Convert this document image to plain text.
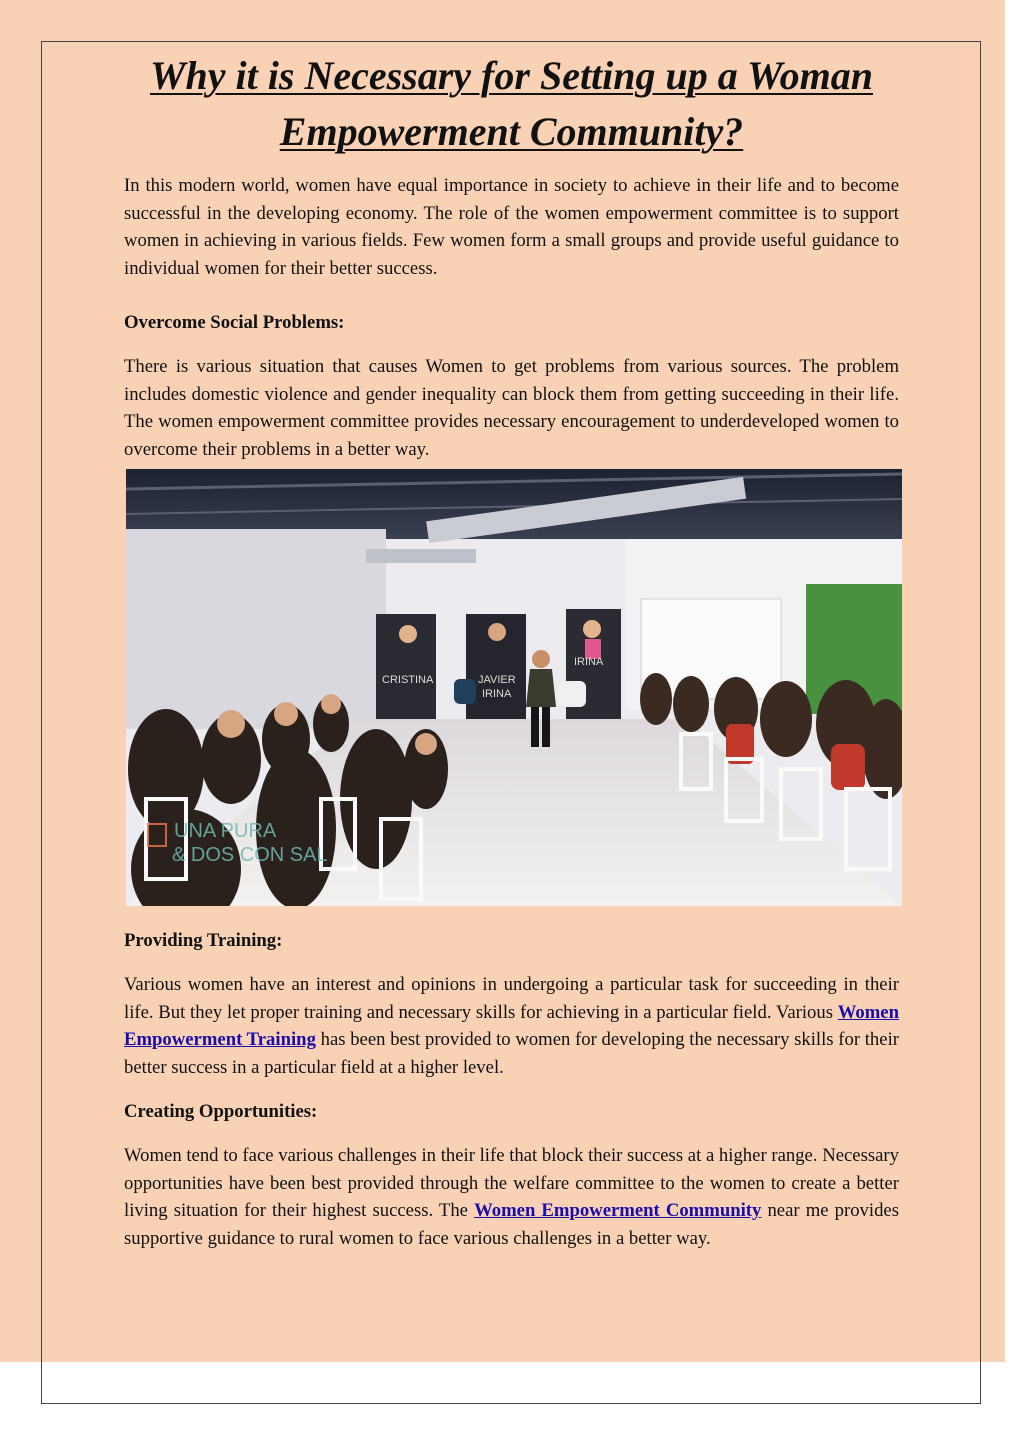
Why it is Necessary for Setting up a Woman Empowerment Community?

In this modern world, women have equal importance in society to achieve in their life and to become successful in the developing economy. The role of the women empowerment committee is to support women in achieving in various fields. Few women form a small groups and provide useful guidance to individual women for their better success.

Overcome Social Problems:

There is various situation that causes Women to get problems from various sources. The problem includes domestic violence and gender inequality can block them from getting succeeding in their life. The women empowerment committee provides necessary encouragement to underdeveloped women to overcome their problems in a better way.

CRISTINA	JAVIER
IRINA
IRINA
UNA PURA
& DOS CON SAL

Providing Training:

Various women have an interest and opinions in undergoing a particular task for succeeding in their life. But they let proper training and necessary skills for achieving in a particular field. Various Women Empowerment Training has been best provided to women for developing the necessary skills for their better success in a particular field at a higher level.

Creating Opportunities:

Women tend to face various challenges in their life that block their success at a higher range. Necessary opportunities have been best provided through the welfare committee to the women to create a better living situation for their highest success. The Women Empowerment Community near me provides supportive guidance to rural women to face various challenges in a better way.
